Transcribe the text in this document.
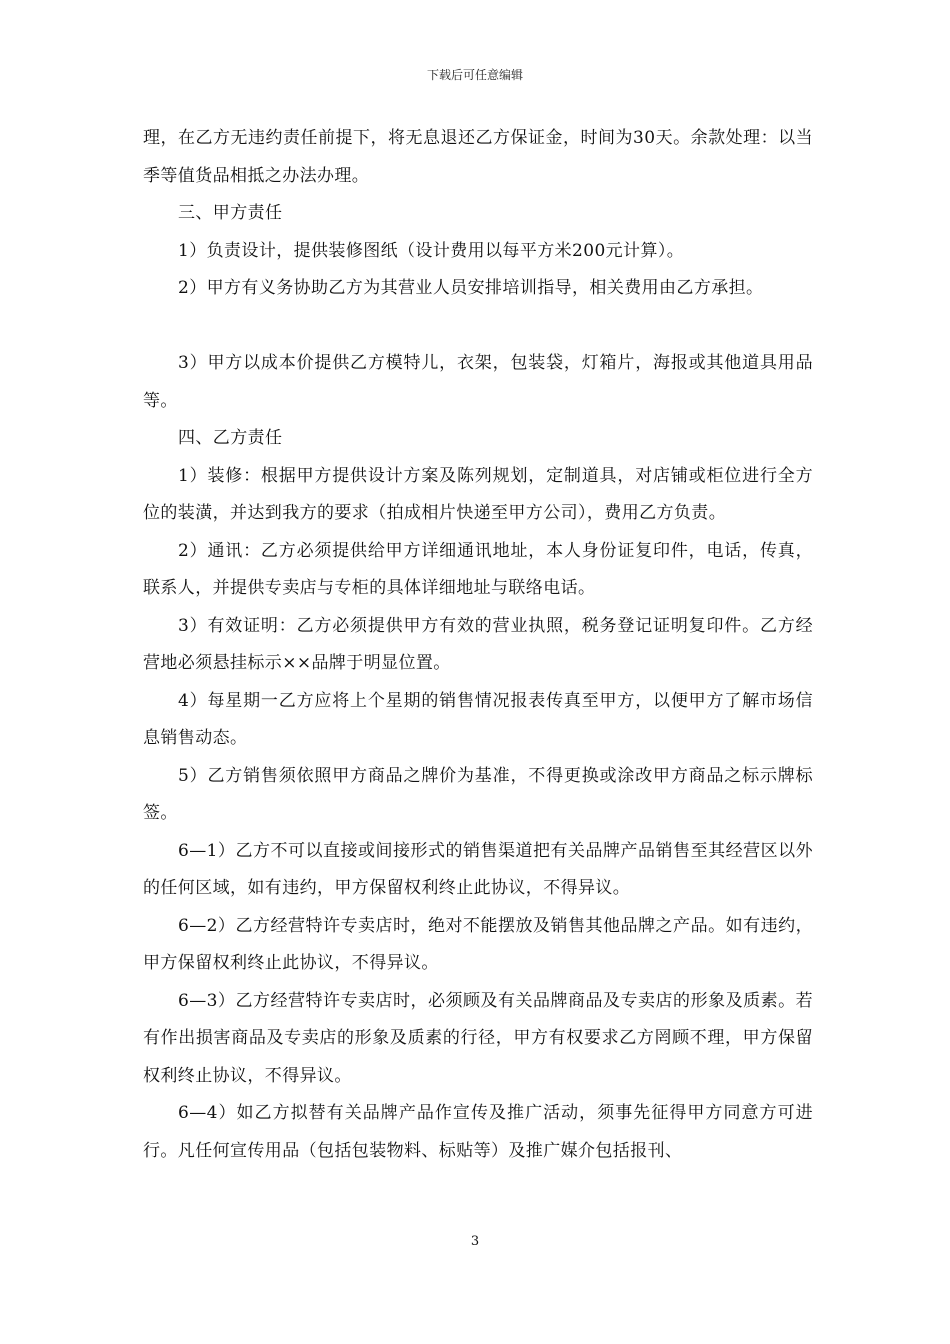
下载后可任意编辑

理，在乙方无违约责任前提下，将无息退还乙方保证金，时间为30天。余款处理：以当季等值货品相抵之办法办理。

三、甲方责任

1）负责设计，提供装修图纸（设计费用以每平方米200元计算）。

2）甲方有义务协助乙方为其营业人员安排培训指导，相关费用由乙方承担。

3）甲方以成本价提供乙方模特儿，衣架，包装袋，灯箱片，海报或其他道具用品等。

四、乙方责任

1）装修：根据甲方提供设计方案及陈列规划，定制道具，对店铺或柜位进行全方位的装潢，并达到我方的要求（拍成相片快递至甲方公司），费用乙方负责。

2）通讯：乙方必须提供给甲方详细通讯地址，本人身份证复印件，电话，传真，联系人，并提供专卖店与专柜的具体详细地址与联络电话。

3）有效证明：乙方必须提供甲方有效的营业执照，税务登记证明复印件。乙方经营地必须悬挂标示××品牌于明显位置。

4）每星期一乙方应将上个星期的销售情况报表传真至甲方，以便甲方了解市场信息销售动态。

5）乙方销售须依照甲方商品之牌价为基准，不得更换或涂改甲方商品之标示牌标签。

6—1）乙方不可以直接或间接形式的销售渠道把有关品牌产品销售至其经营区以外的任何区域，如有违约，甲方保留权利终止此协议，不得异议。

6—2）乙方经营特许专卖店时，绝对不能摆放及销售其他品牌之产品。如有违约，甲方保留权利终止此协议，不得异议。

6—3）乙方经营特许专卖店时，必须顾及有关品牌商品及专卖店的形象及质素。若有作出损害商品及专卖店的形象及质素的行径，甲方有权要求乙方罔顾不理，甲方保留权利终止协议，不得异议。

6—4）如乙方拟替有关品牌产品作宣传及推广活动，须事先征得甲方同意方可进行。凡任何宣传用品（包括包装物料、标贴等）及推广媒介包括报刊、

3
